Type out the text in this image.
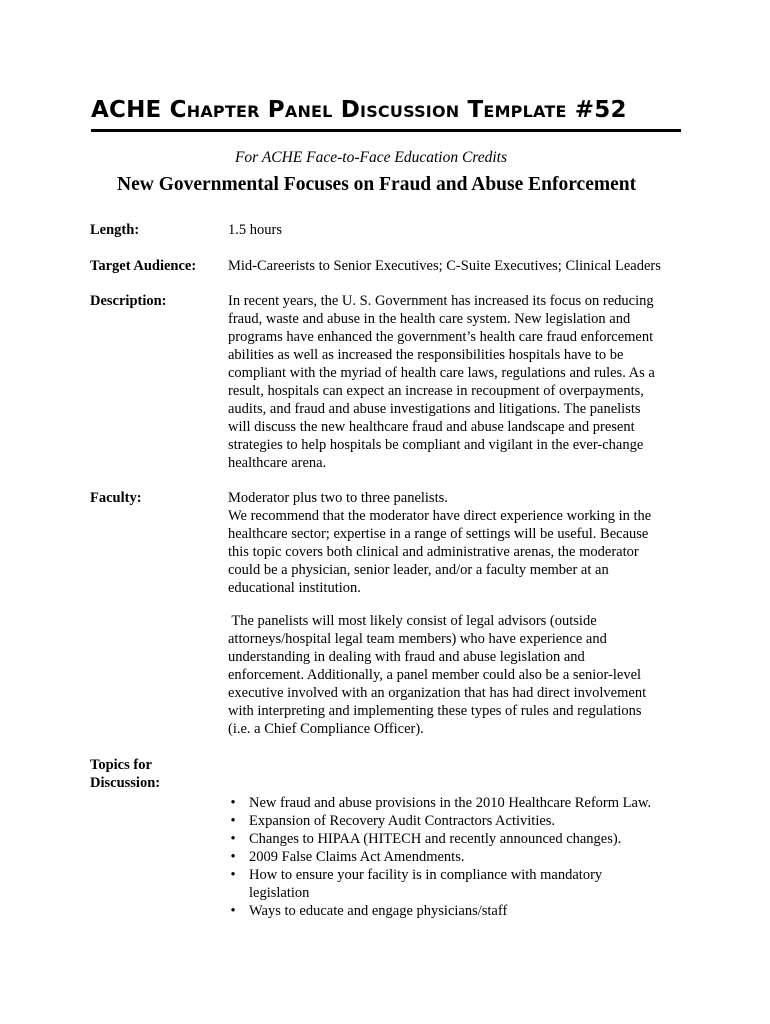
ACHE Chapter Panel Discussion Template #52
For ACHE Face-to-Face Education Credits
New Governmental Focuses on Fraud and Abuse Enforcement
Length:	1.5 hours
Target Audience: Mid-Careerists to Senior Executives; C-Suite Executives; Clinical Leaders
Description:	In recent years, the U. S. Government has increased its focus on reducing
fraud, waste and abuse in the health care system. New legislation and
programs have enhanced the government’s health care fraud enforcement
abilities as well as increased the responsibilities hospitals have to be
compliant with the myriad of health care laws, regulations and rules. As a
result, hospitals can expect an increase in recoupment of overpayments,
audits, and fraud and abuse investigations and litigations. The panelists
will discuss the new healthcare fraud and abuse landscape and present
strategies to help hospitals be compliant and vigilant in the ever-change
healthcare arena.

Faculty:	Moderator plus two to three panelists.
We recommend that the moderator have direct experience working in the
healthcare sector; expertise in a range of settings will be useful. Because
this topic covers both clinical and administrative arenas, the moderator
could be a physician, senior leader, and/or a faculty member at an
educational institution.

The panelists will most likely consist of legal advisors (outside
attorneys/hospital legal team members) who have experience and
understanding in dealing with fraud and abuse legislation and
enforcement. Additionally, a panel member could also be a senior-level
executive involved with an organization that has had direct involvement
with interpreting and implementing these types of rules and regulations
(i.e. a Chief Compliance Officer).

Topics for
Discussion:
• New fraud and abuse provisions in the 2010 Healthcare Reform Law.
• Expansion of Recovery Audit Contractors Activities.
• Changes to HIPAA (HITECH and recently announced changes).
• 2009 False Claims Act Amendments.
• How to ensure your facility is in compliance with mandatory
legislation
• Ways to educate and engage physicians/staff
